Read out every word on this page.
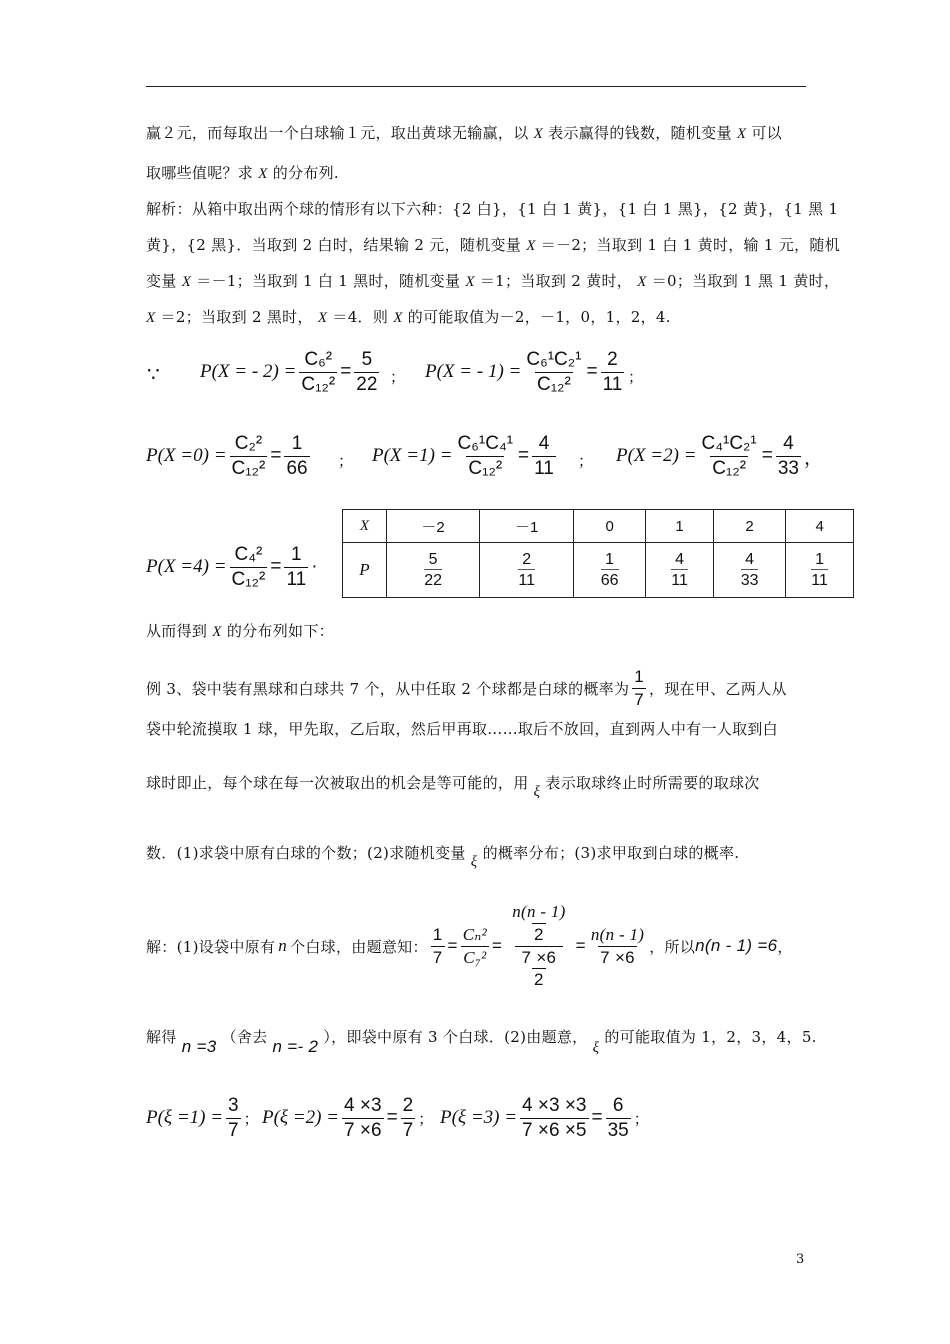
赢２元，而每取出一个白球输１元，取出黄球无输赢，以 X 表示赢得的钱数，随机变量 X 可以
取哪些值呢？求 X 的分布列.
解析：从箱中取出两个球的情形有以下六种：{2 白}，{1 白 1 黄}，{1 白 1 黑}，{2 黄}，{1 黑 1
黄}，{2 黑}．当取到 2 白时，结果输 2 元，随机变量 X ＝－2；当取到 1 白 1 黄时，输 1 元，随机
变量 X ＝－1；当取到 1 白 1 黑时，随机变量 X ＝1；当取到 2 黄时， X ＝0；当取到 1 黑 1 黄时，
X ＝2；当取到 2 黑时， X ＝4．则 X 的可能取值为－2，－1，0，1，2，4.
∵ P(X = - $2) = \frac{\text{C₆²}}{\text{C₁₂²}} = \frac{5}{22}$ ； P(X = - $1) = \frac{\text{C₆¹C₂¹}}{\text{C₁₂²}} = \frac{2}{11}$ ；
$P(X =0) = \frac{\text{C₂²}}{\text{C₁₂²}} = \frac{1}{66}$ ； $P(X =1) = \frac{\text{C₆¹C₄¹}}{\text{C₁₂²}} = \frac{4}{11}$ ； $P(X =2) = \frac{\text{C₄¹C₂¹}}{\text{C₁₂²}} = \frac{4}{33}$ ，
$P(X =4) = \frac{\text{C₄²}}{\text{C₁₂²}} = \frac{1}{11}$ ·
X	－2	－1	0	1	2	4
P	$\frac{5}{22}$	$\frac{2}{11}$	$\frac{1}{66}$	$\frac{4}{11}$	$\frac{4}{33}$	$\frac{1}{11}$
从而得到 X 的分布列如下：
例 3、袋中装有黑球和白球共 7 个，从中任取 2 个球都是白球的概率为 $\frac{1}{7}$ ，现在甲、乙两人从
袋中轮流摸取 1 球，甲先取，乙后取，然后甲再取……取后不放回，直到两人中有一人取到白
球时即止，每个球在每一次被取出的机会是等可能的，用 ξ 表示取球终止时所需要的取球次
数．(1)求袋中原有白球的个数；(2)求随机变量 ξ 的概率分布；(3)求甲取到白球的概率.
解：(1)设袋中原有 n 个白球，由题意知： $\frac{1}{7} = \frac{\text{Cₙ²}}{\text{C₇²}} = \frac{\frac{n(n - 1)}{2}}{\frac{7 \times 6}{2}} = \frac{n(n - 1)}{7 \times 6}$ ，所以 n(n - 1) =6 ，
解得 n =3 （舍去 n =- 2 ），即袋中原有 3 个白球．(2)由题意， ξ 的可能取值为 1，2，3，4，5.
$P(\xi =1) = \frac{3}{7}$ ； $P(\xi =2) = \frac{4 \times 3}{7 \times 6} = \frac{2}{7}$ ； $P(\xi =3) = \frac{4 \times 3 \times 3}{7 \times 6 \times 5} = \frac{6}{35}$ ；
3
